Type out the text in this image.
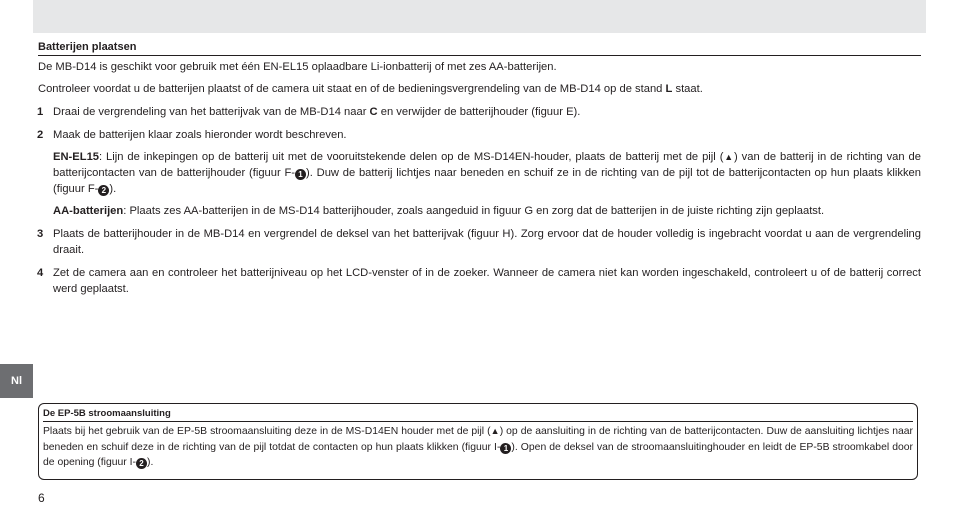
Batterijen plaatsen

De MB-D14 is geschikt voor gebruik met één EN-EL15 oplaadbare Li-ionbatterij of met zes AA-batterijen.

Controleer voordat u de batterijen plaatst of de camera uit staat en of de bedieningsvergrendeling van de MB-D14 op de stand L staat.

1 Draai de vergrendeling van het batterijvak van de MB-D14 naar C en verwijder de batterijhouder (figuur E).
2 Maak de batterijen klaar zoals hieronder wordt beschreven.

EN-EL15: Lijn de inkepingen op de batterij uit met de vooruitstekende delen op de MS-D14EN-houder, plaats de batterij met de pijl (▲) van de batterij in de richting van de batterijcontacten van de batterijhouder (figuur F- 1 ). Duw de batterij lichtjes naar beneden en schuif ze in de richting van de pijl tot de batterijcontacten op hun plaats klikken (figuur F- 2 ).

AA-batterijen: Plaats zes AA-batterijen in de MS-D14 batterijhouder, zoals aangeduid in figuur G en zorg dat de batterijen in de juiste richting zijn geplaatst.

3 Plaats de batterijhouder in de MB-D14 en vergrendel de deksel van het batterijvak (figuur H). Zorg ervoor dat de houder volledig is ingebracht voordat u aan de vergrendeling draait.
4 Zet de camera aan en controleer het batterijniveau op het LCD-venster of in de zoeker. Wanneer de camera niet kan worden ingeschakeld, controleert u of de batterij correct werd geplaatst.
Nl
De EP-5B stroomaansluiting

Plaats bij het gebruik van de EP-5B stroomaansluiting deze in de MS-D14EN houder met de pijl (▲) op de aansluiting in de richting van de batterijcontacten. Duw de aansluiting lichtjes naar beneden en schuif deze in de richting van de pijl totdat de contacten op hun plaats klikken (figuur I- 1 ). Open de deksel van de stroomaansluitinghouder en leidt de EP-5B stroomkabel door de opening (figuur I- 2 ).

6
